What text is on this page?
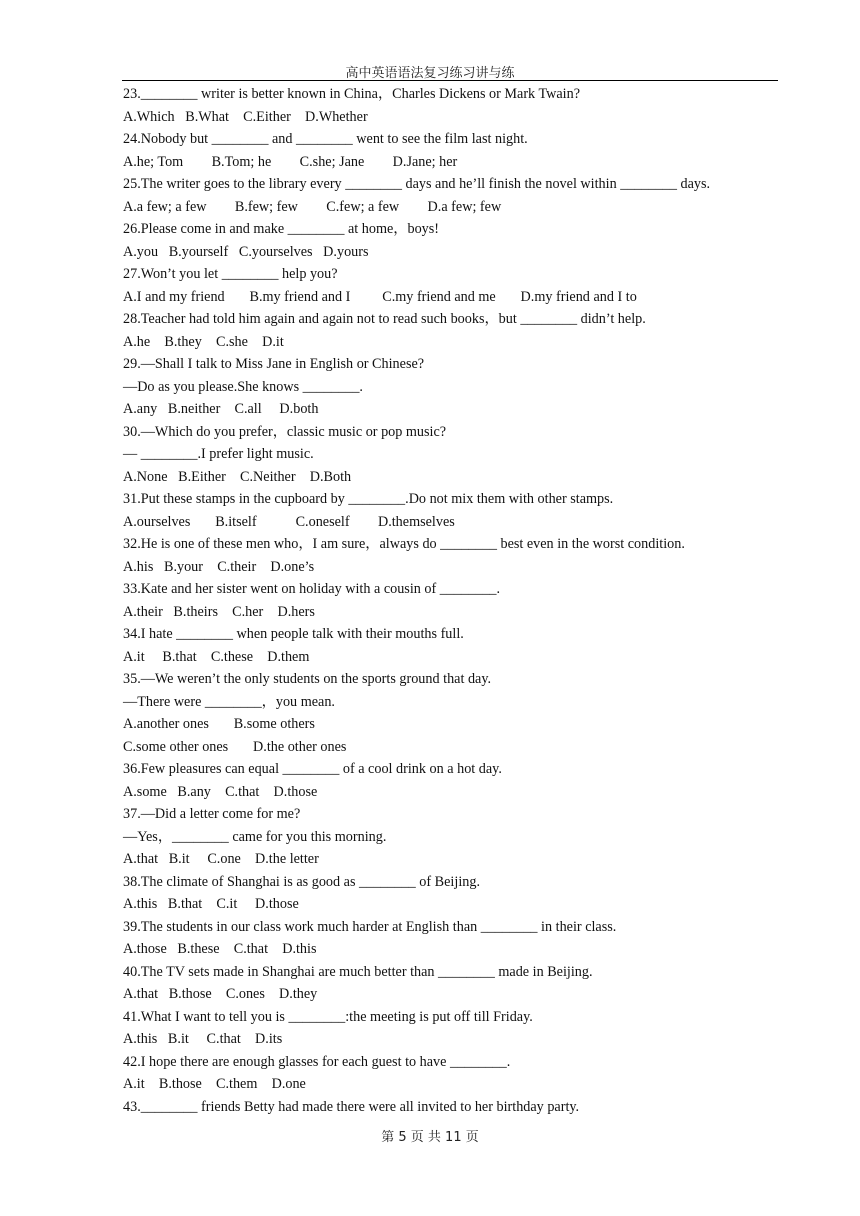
高中英语语法复习练习讲与练
23.________ writer is better known in China，Charles Dickens or Mark Twain?
A.Which   B.What    C.Either    D.Whether
24.Nobody but ________ and ________ went to see the film last night.
A.he; Tom        B.Tom; he        C.she; Jane        D.Jane; her
25.The writer goes to the library every ________ days and he’ll finish the novel within ________ days.
A.a few; a few        B.few; few        C.few; a few        D.a few; few
26.Please come in and make ________ at home，boys!
A.you   B.yourself   C.yourselves   D.yours
27.Won’t you let ________ help you?
A.I and my friend       B.my friend and I         C.my friend and me       D.my friend and I to
28.Teacher had told him again and again not to read such books，but ________ didn’t help.
A.he    B.they    C.she    D.it
29.—Shall I talk to Miss Jane in English or Chinese?
—Do as you please.She knows ________.
A.any   B.neither    C.all     D.both
30.—Which do you prefer，classic music or pop music?
— ________.I prefer light music.
A.None   B.Either    C.Neither    D.Both
31.Put these stamps in the cupboard by ________.Do not mix them with other stamps.
A.ourselves       B.itself           C.oneself        D.themselves
32.He is one of these men who，I am sure，always do ________ best even in the worst condition.
A.his   B.your    C.their    D.one’s
33.Kate and her sister went on holiday with a cousin of ________.
A.their   B.theirs    C.her    D.hers
34.I hate ________ when people talk with their mouths full.
A.it     B.that    C.these    D.them
35.—We weren’t the only students on the sports ground that day.
—There were ________，you mean.
A.another ones       B.some others
C.some other ones       D.the other ones
36.Few pleasures can equal ________ of a cool drink on a hot day.
A.some   B.any    C.that    D.those
37.—Did a letter come for me?
—Yes，________ came for you this morning.
A.that   B.it     C.one    D.the letter
38.The climate of Shanghai is as good as ________ of Beijing.
A.this   B.that    C.it     D.those
39.The students in our class work much harder at English than ________ in their class.
A.those   B.these    C.that    D.this
40.The TV sets made in Shanghai are much better than ________ made in Beijing.
A.that   B.those    C.ones    D.they
41.What I want to tell you is ________:the meeting is put off till Friday.
A.this   B.it     C.that    D.its
42.I hope there are enough glasses for each guest to have ________.
A.it    B.those    C.them    D.one
43.________ friends Betty had made there were all invited to her birthday party.
第 5 页 共 11 页
